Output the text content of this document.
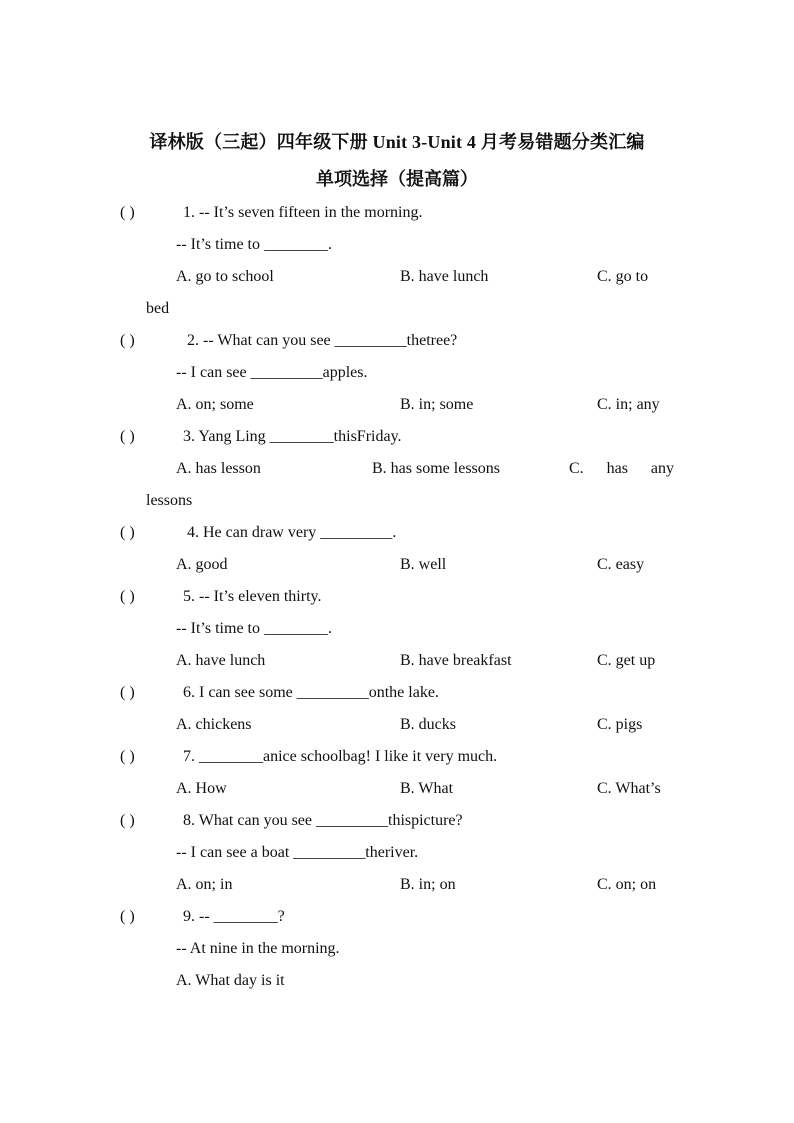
译林版（三起）四年级下册 Unit 3-Unit 4 月考易错题分类汇编
单项选择（提高篇）
( )	1. -- It’s seven fifteen in the morning.
-- It’s time to ________.
A. go to school	B. have lunch	C. go to
bed
( )	2. -- What can you see _________thetree?
-- I can see _________apples.
A. on; some	B. in; some	C. in; any
( )	3. Yang Ling ________thisFriday.
A. has lesson	B. has some lessons	C. has any
lessons
( )	4. He can draw very _________.
A. good	B. well	C. easy
( )	5. -- It’s eleven thirty.
-- It’s time to ________.
A. have lunch	B. have breakfast	C. get up
( )	6. I can see some _________onthe lake.
A. chickens	B. ducks	C. pigs
( )	7. ________anice schoolbag! I like it very much.
A. How	B. What	C. What’s
( )	8. What can you see _________thispicture?
-- I can see a boat _________theriver.
A. on; in	B. in; on	C. on; on
( )	9. -- ________?
-- At nine in the morning.
A. What day is it
